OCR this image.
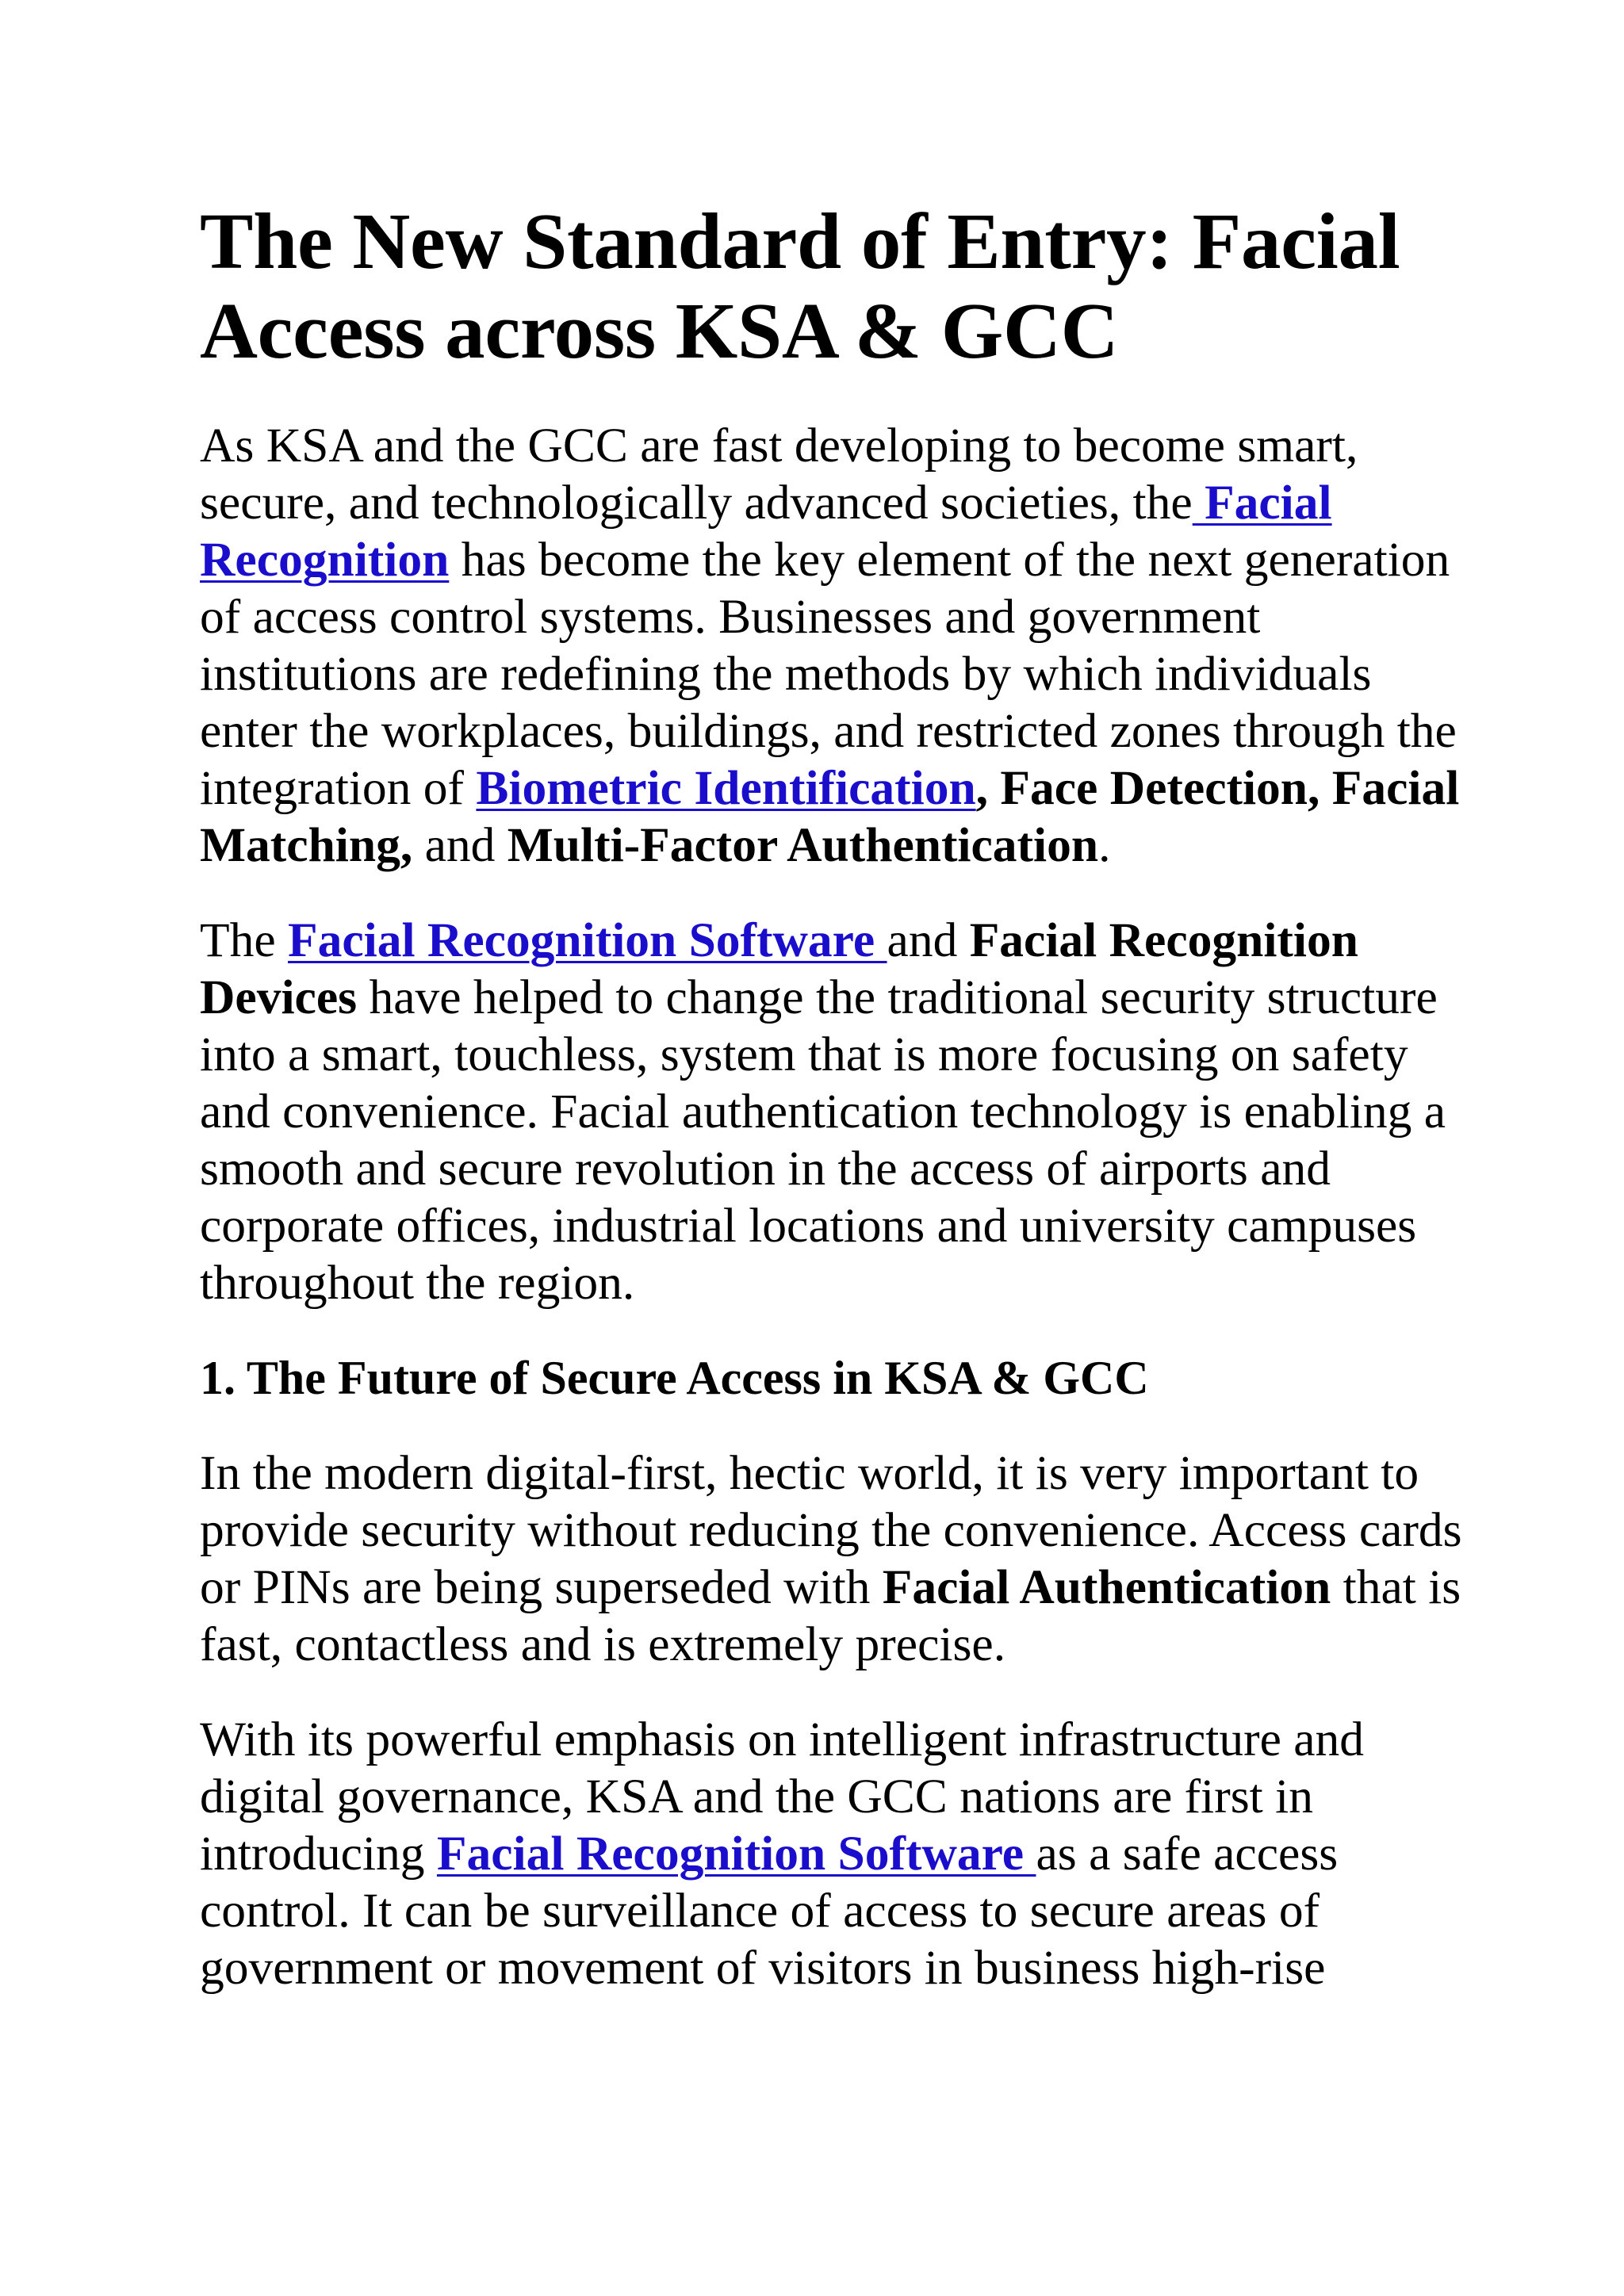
The New Standard of Entry: Facial Access across KSA & GCC

As KSA and the GCC are fast developing to become smart, secure, and technologically advanced societies, the Facial Recognition has become the key element of the next generation of access control systems. Businesses and government institutions are redefining the methods by which individuals enter the workplaces, buildings, and restricted zones through the integration of Biometric Identification, Face Detection, Facial Matching, and Multi-Factor Authentication.

The Facial Recognition Software and Facial Recognition Devices have helped to change the traditional security structure into a smart, touchless, system that is more focusing on safety and convenience. Facial authentication technology is enabling a smooth and secure revolution in the access of airports and corporate offices, industrial locations and university campuses throughout the region.

1. The Future of Secure Access in KSA & GCC

In the modern digital-first, hectic world, it is very important to provide security without reducing the convenience. Access cards or PINs are being superseded with Facial Authentication that is fast, contactless and is extremely precise.

With its powerful emphasis on intelligent infrastructure and digital governance, KSA and the GCC nations are first in introducing Facial Recognition Software as a safe access control. It can be surveillance of access to secure areas of government or movement of visitors in business high-rise
